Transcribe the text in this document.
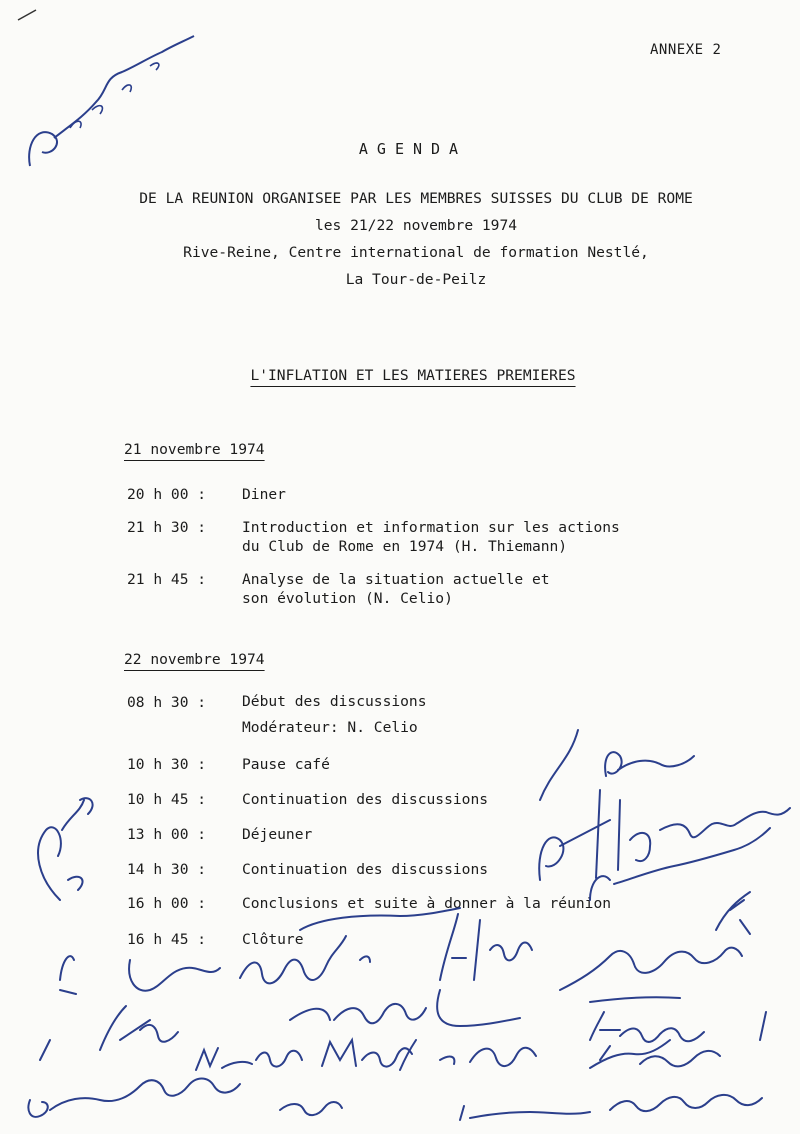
ANNEXE 2
AGENDA
DE LA REUNION ORGANISEE PAR LES MEMBRES SUISSES DU CLUB DE ROME
les 21/22 novembre 1974
Rive-Reine, Centre international de formation Nestlé,
La Tour-de-Peilz
L'INFLATION ET LES MATIERES PREMIERES
21 novembre 1974
20 h 00 : Diner
21 h 30 : Introduction et information sur les actions
du Club de Rome en 1974 (H. Thiemann)
21 h 45 : Analyse de la situation actuelle et
son évolution (N. Celio)
22 novembre 1974
08 h 30 : Début des discussions
Modérateur: N. Celio
10 h 30 : Pause café
10 h 45 : Continuation des discussions
13 h 00 : Déjeuner
14 h 30 : Continuation des discussions
16 h 00 : Conclusions et suite à donner à la réunion
16 h 45 : Clôture
